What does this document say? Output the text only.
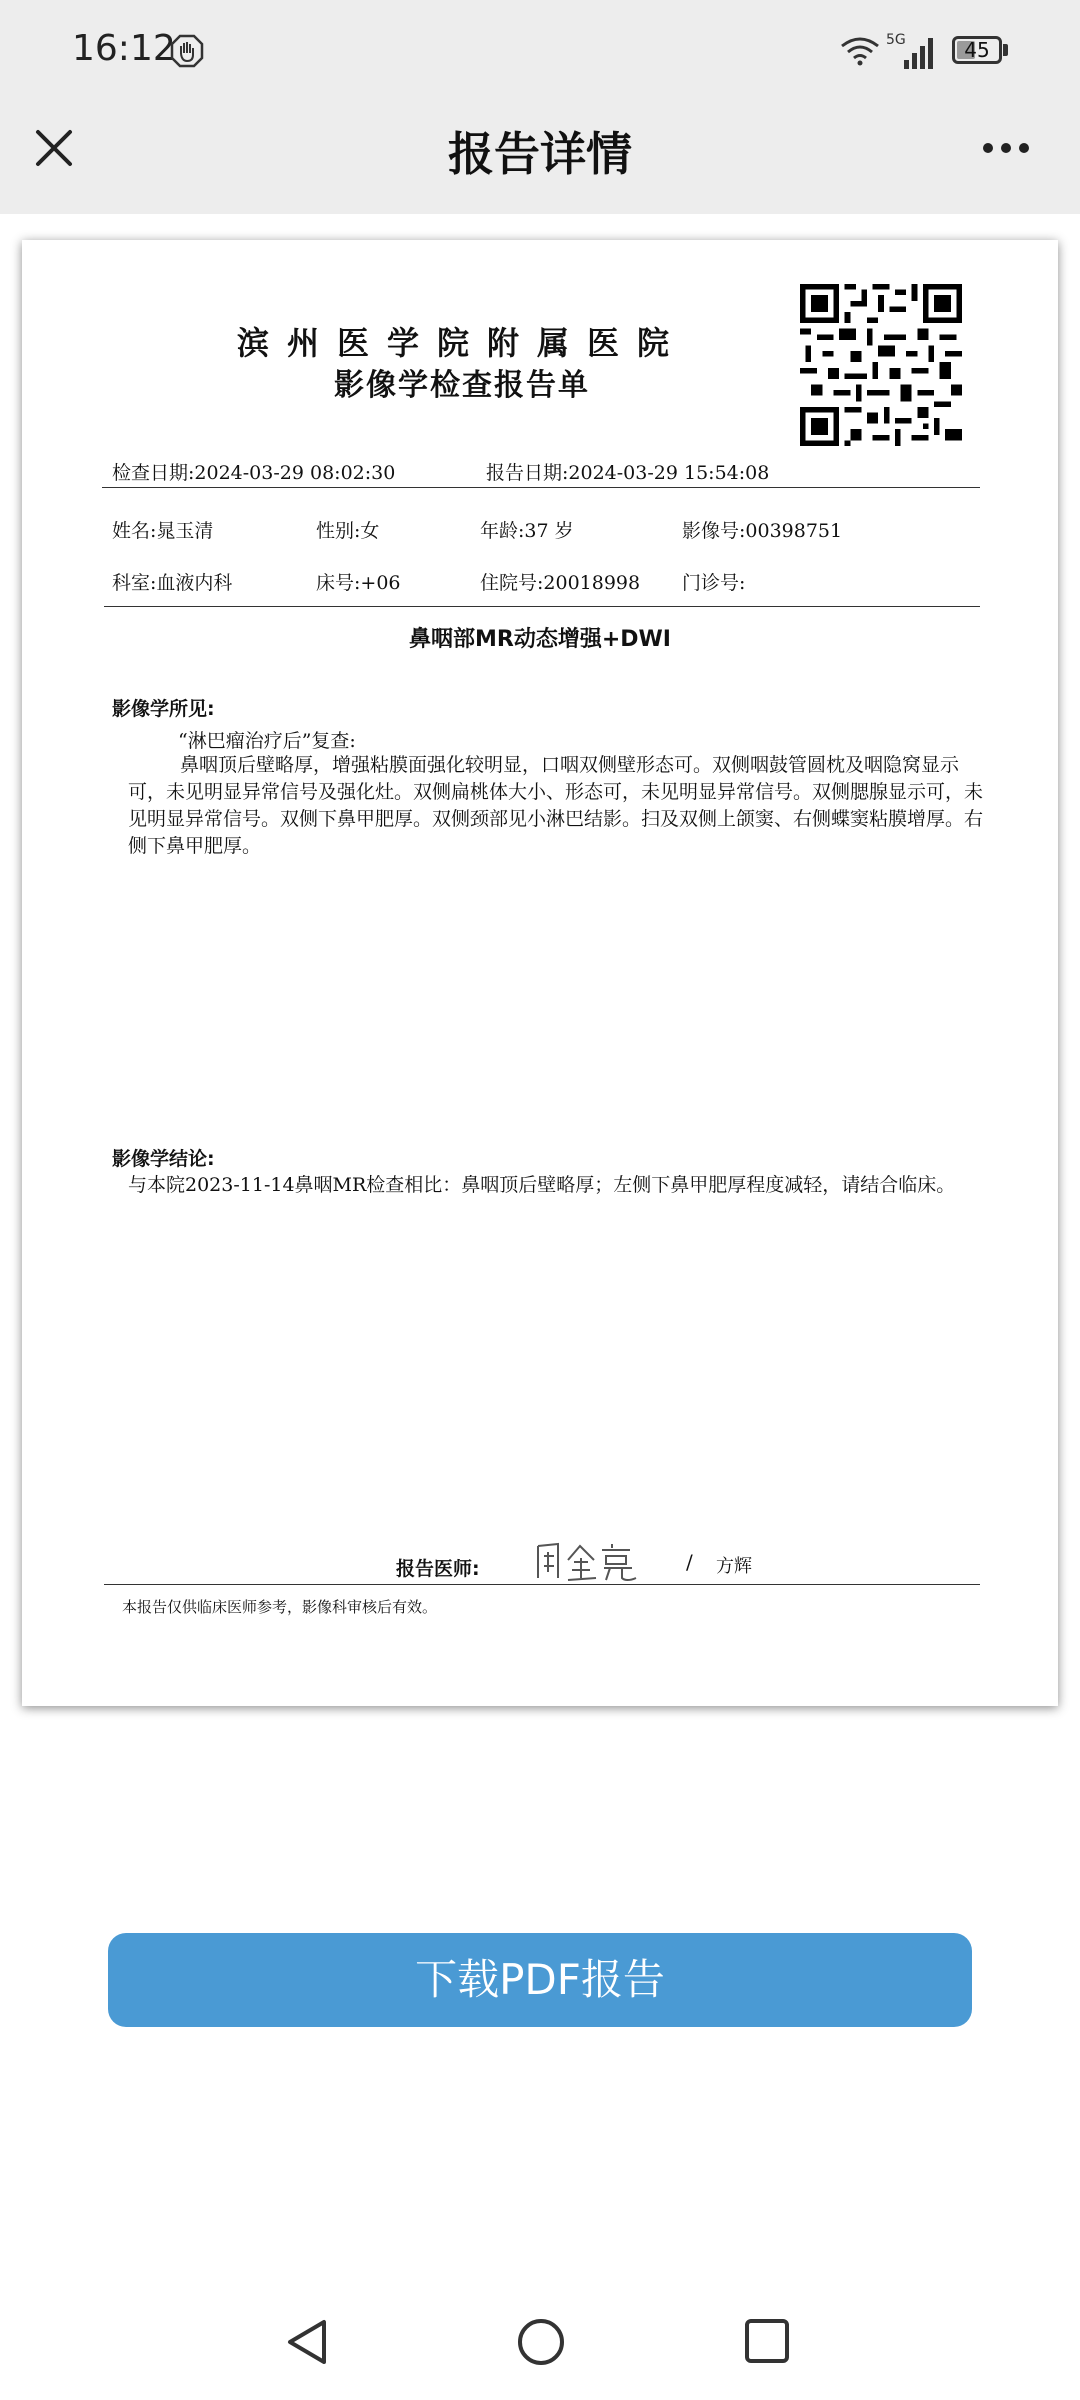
16:12	5G	45
报告详情
滨州医学院附属医院
影像学检查报告单
检查日期:2024-03-29 08:02:30	报告日期:2024-03-29 15:54:08
姓名:晁玉清	性别:女	年龄:37 岁	影像号:00398751
科室:血液内科	床号:+06	住院号:20018998 门诊号:
鼻咽部MR动态增强+DWI
影像学所见:
“淋巴瘤治疗后”复查:
鼻咽顶后壁略厚，增强粘膜面强化较明显，口咽双侧壁形态可。双侧咽鼓管圆枕及咽隐窝显示可，未见明显异常信号及强化灶。双侧扁桃体大小、形态可，未见明显异常信号。双侧腮腺显示可，未见明显异常信号。双侧下鼻甲肥厚。双侧颈部见小淋巴结影。扫及双侧上颌窦、右侧蝶窦粘膜增厚。右侧下鼻甲肥厚。
影像学结论:
与本院2023-11-14鼻咽MR检查相比：鼻咽顶后壁略厚；左侧下鼻甲肥厚程度减轻，请结合临床。
报告医师:	/ 方辉
本报告仅供临床医师参考，影像科审核后有效。
下载PDF报告
